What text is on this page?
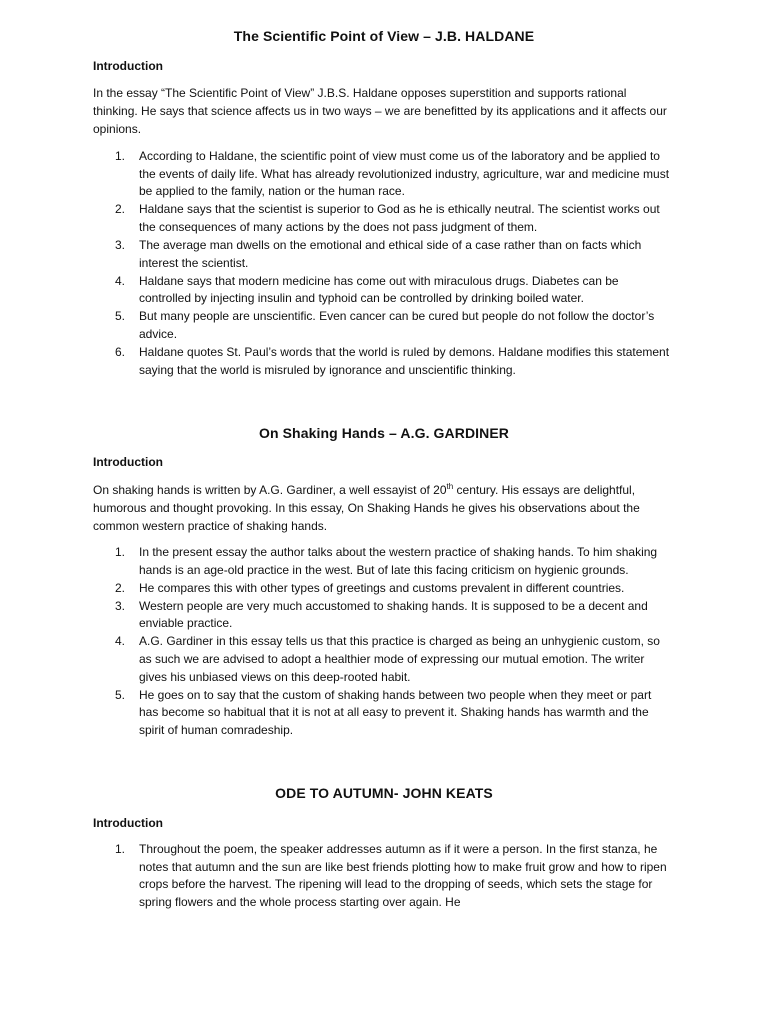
The Scientific Point of View – J.B. HALDANE
Introduction

In the essay “The Scientific Point of View” J.B.S. Haldane opposes superstition and supports rational thinking. He says that science affects us in two ways – we are benefitted by its applications and it affects our opinions.

1. According to Haldane, the scientific point of view must come us of the laboratory and be applied to the events of daily life. What has already revolutionized industry, agriculture, war and medicine must be applied to the family, nation or the human race.
2. Haldane says that the scientist is superior to God as he is ethically neutral. The scientist works out the consequences of many actions by the does not pass judgment of them.
3. The average man dwells on the emotional and ethical side of a case rather than on facts which interest the scientist.
4. Haldane says that modern medicine has come out with miraculous drugs. Diabetes can be controlled by injecting insulin and typhoid can be controlled by drinking boiled water.
5. But many people are unscientific. Even cancer can be cured but people do not follow the doctor’s advice.
6. Haldane quotes St. Paul’s words that the world is ruled by demons. Haldane modifies this statement saying that the world is misruled by ignorance and unscientific thinking.
On Shaking Hands – A.G. GARDINER
Introduction

On shaking hands is written by A.G. Gardiner, a well essayist of 20th century. His essays are delightful, humorous and thought provoking. In this essay, On Shaking Hands he gives his observations about the common western practice of shaking hands.

1. In the present essay the author talks about the western practice of shaking hands. To him shaking hands is an age-old practice in the west. But of late this facing criticism on hygienic grounds.
2. He compares this with other types of greetings and customs prevalent in different countries.
3. Western people are very much accustomed to shaking hands. It is supposed to be a decent and enviable practice.
4. A.G. Gardiner in this essay tells us that this practice is charged as being an unhygienic custom, so as such we are advised to adopt a healthier mode of expressing our mutual emotion. The writer gives his unbiased views on this deep-rooted habit.
5. He goes on to say that the custom of shaking hands between two people when they meet or part has become so habitual that it is not at all easy to prevent it. Shaking hands has warmth and the spirit of human comradeship.
ODE TO AUTUMN- JOHN KEATS
Introduction
1. Throughout the poem, the speaker addresses autumn as if it were a person. In the first stanza, he notes that autumn and the sun are like best friends plotting how to make fruit grow and how to ripen crops before the harvest. The ripening will lead to the dropping of seeds, which sets the stage for spring flowers and the whole process starting over again. He
